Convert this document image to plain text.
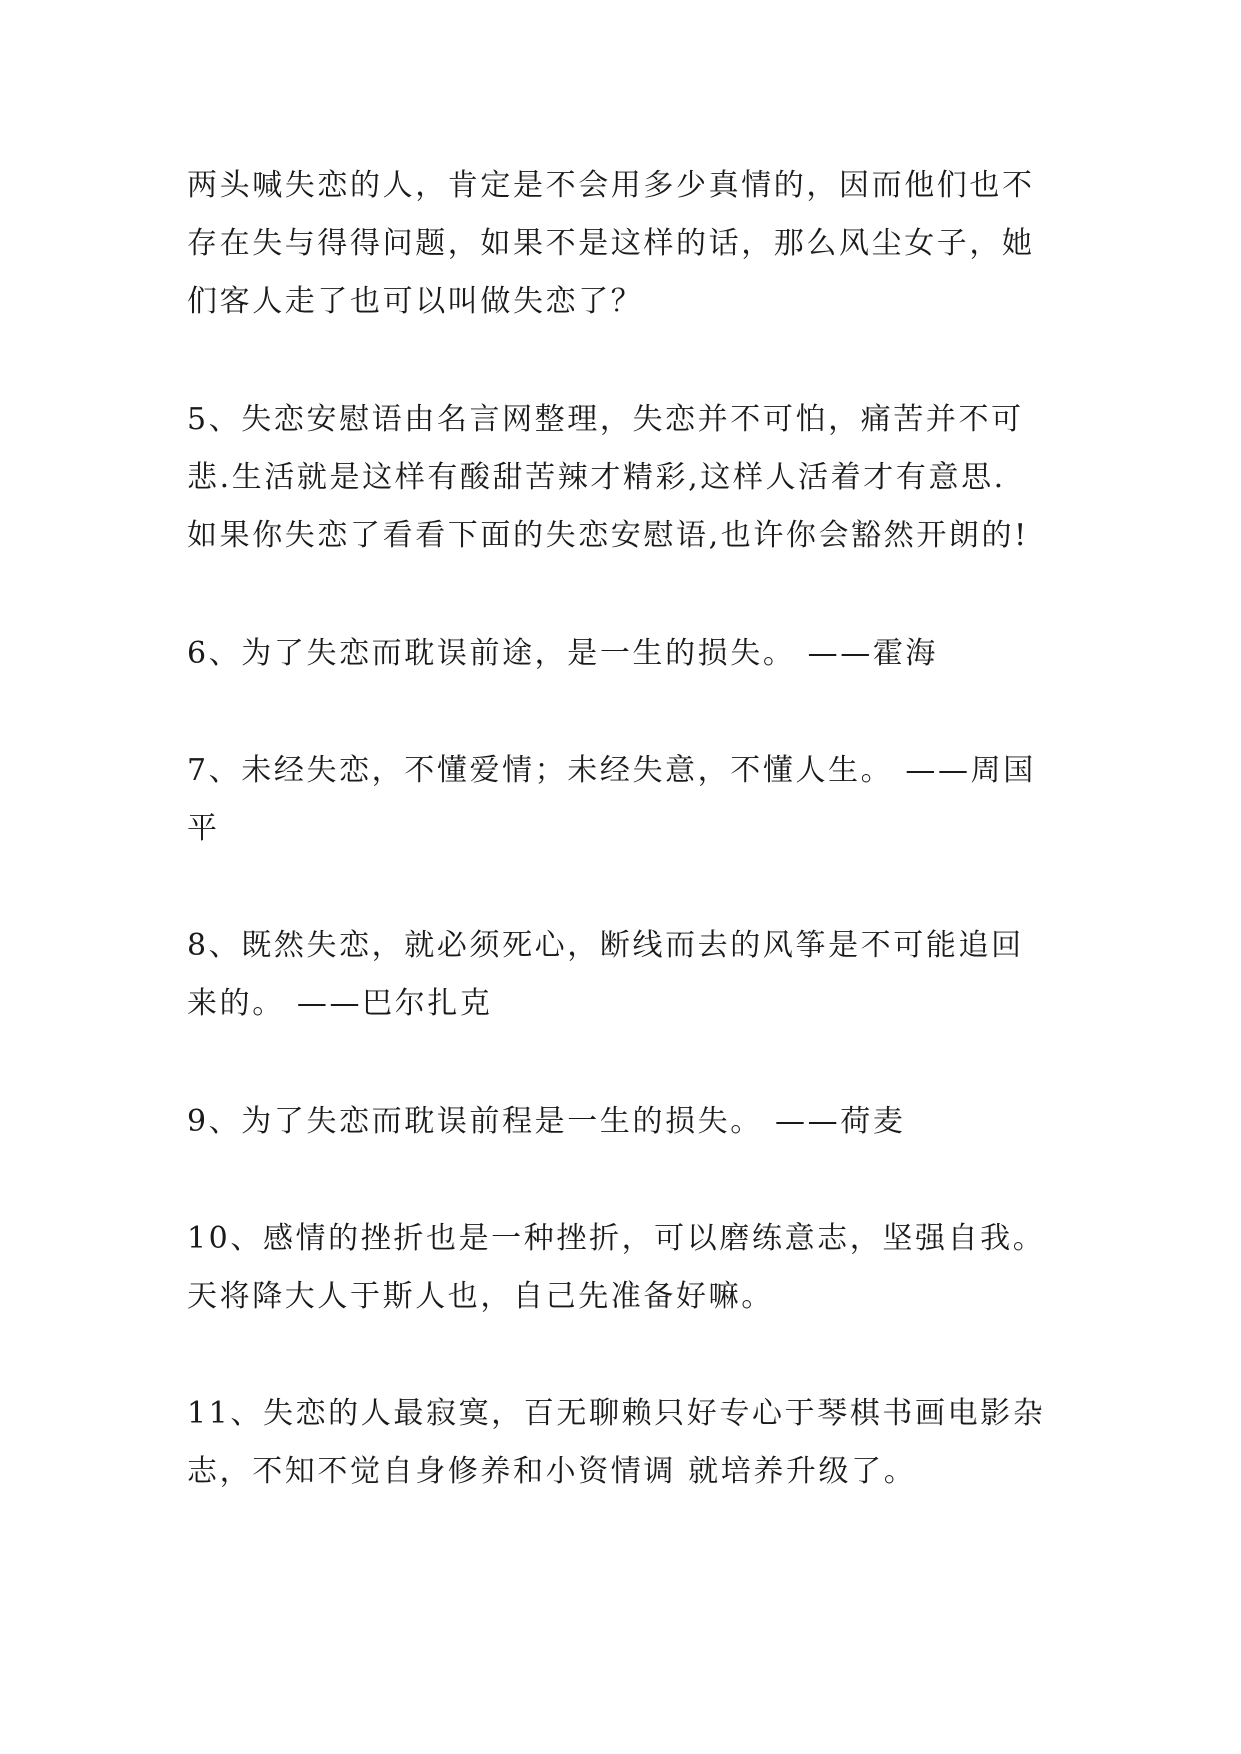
两头喊失恋的人，肯定是不会用多少真情的，因而他们也不
存在失与得得问题，如果不是这样的话，那么风尘女子，她
们客人走了也可以叫做失恋了？

5、失恋安慰语由名言网整理，失恋并不可怕，痛苦并不可
悲.生活就是这样有酸甜苦辣才精彩,这样人活着才有意思.
如果你失恋了看看下面的失恋安慰语,也许你会豁然开朗的!

6、为了失恋而耽误前途，是一生的损失。 ——霍海

7、未经失恋，不懂爱情；未经失意，不懂人生。 ——周国
平

8、既然失恋，就必须死心，断线而去的风筝是不可能追回
来的。 ——巴尔扎克

9、为了失恋而耽误前程是一生的损失。 ——荷麦

10、感情的挫折也是一种挫折，可以磨练意志，坚强自我。
天将降大人于斯人也，自己先准备好嘛。

11、失恋的人最寂寞，百无聊赖只好专心于琴棋书画电影杂
志，不知不觉自身修养和小资情调 就培养升级了。
